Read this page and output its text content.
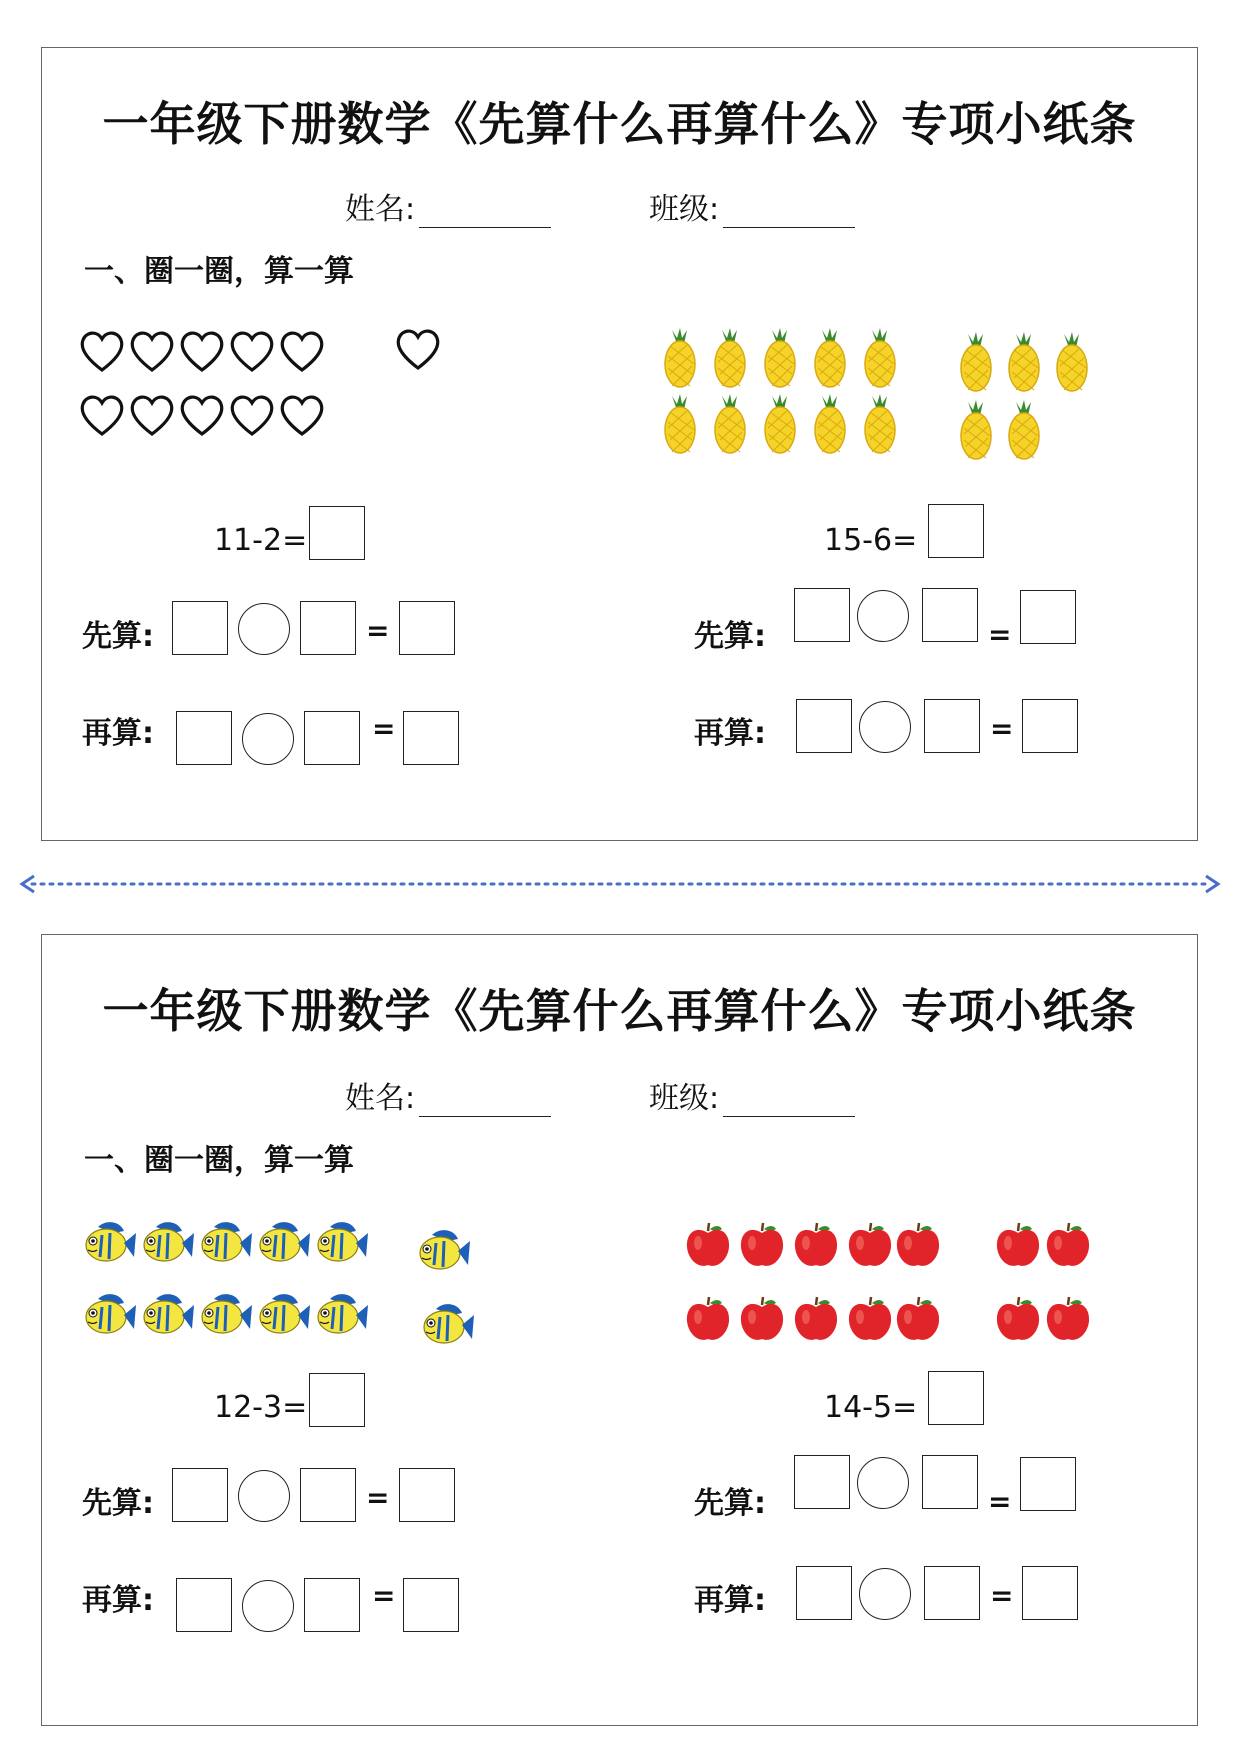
一年级下册数学《先算什么再算什么》专项小纸条
姓名:	班级:
一、圈一圈，算一算
11-2=	15-6=
先算:	=
再算:	=
先算:	=
再算:	=
一年级下册数学《先算什么再算什么》专项小纸条
姓名:	班级:
一、圈一圈，算一算
12-3=	14-5=
先算:	=
再算:	=
先算:	=
再算:	=
